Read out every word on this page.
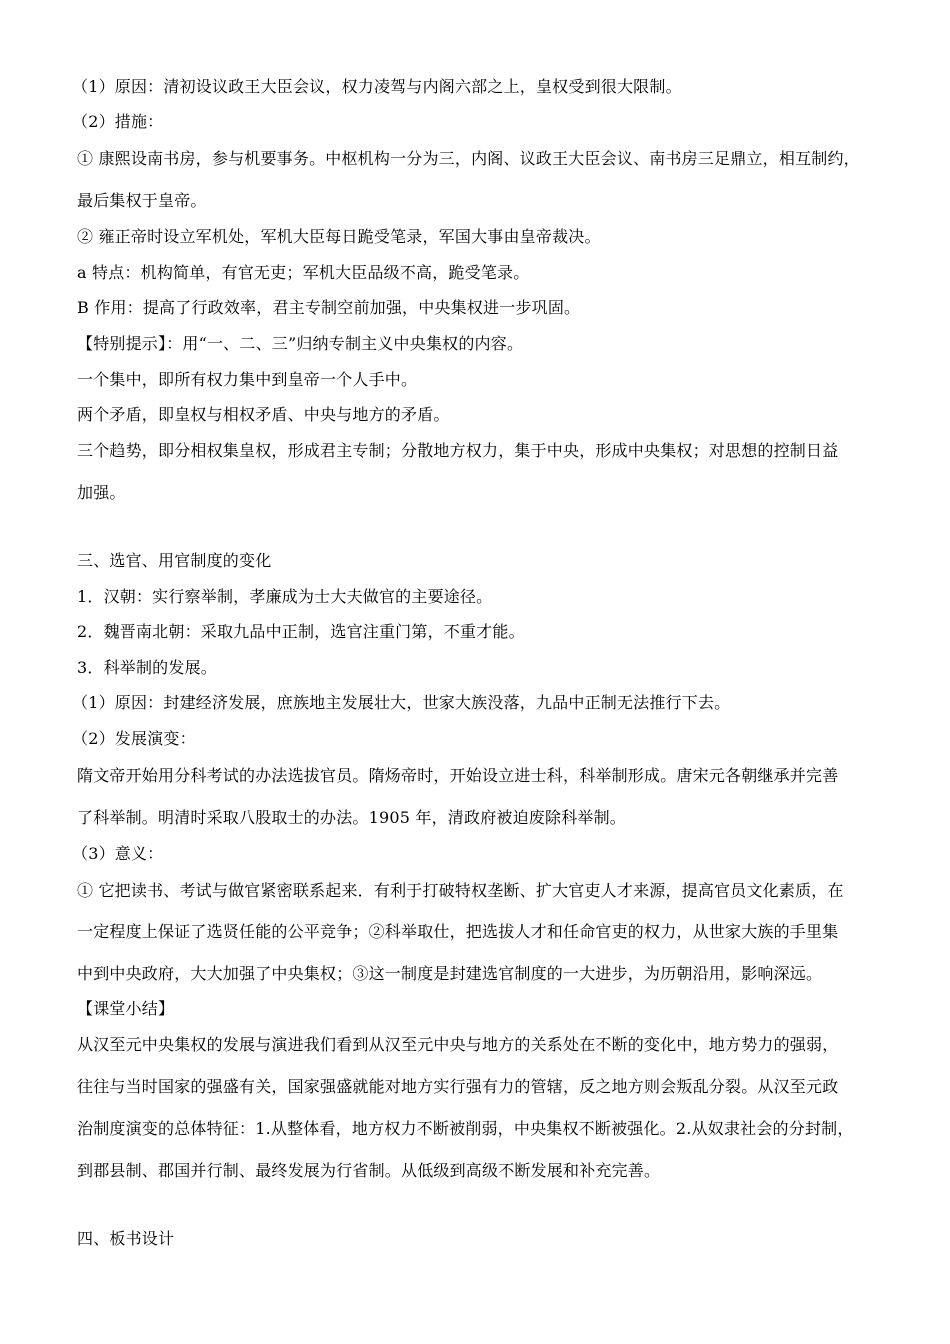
（1）原因：清初设议政王大臣会议，权力凌驾与内阁六部之上，皇权受到很大限制。
（2）措施：
① 康熙设南书房，参与机要事务。中枢机构一分为三，内阁、议政王大臣会议、南书房三足鼎立，相互制约，
最后集权于皇帝。
② 雍正帝时设立军机处，军机大臣每日跪受笔录，军国大事由皇帝裁决。
a 特点：机构简单，有官无吏；军机大臣品级不高，跪受笔录。
B 作用：提高了行政效率，君主专制空前加强，中央集权进一步巩固。
【特别提示】：用“一、二、三”归纳专制主义中央集权的内容。
一个集中，即所有权力集中到皇帝一个人手中。
两个矛盾，即皇权与相权矛盾、中央与地方的矛盾。
三个趋势，即分相权集皇权，形成君主专制；分散地方权力，集于中央，形成中央集权；对思想的控制日益
加强。
三、选官、用官制度的变化
1．汉朝：实行察举制，孝廉成为士大夫做官的主要途径。
2．魏晋南北朝：采取九品中正制，选官注重门第，不重才能。
3．科举制的发展。
（1）原因：封建经济发展，庶族地主发展壮大，世家大族没落，九品中正制无法推行下去。
（2）发展演变：
隋文帝开始用分科考试的办法选拔官员。隋炀帝时，开始设立进士科，科举制形成。唐宋元各朝继承并完善
了科举制。明清时采取八股取士的办法。1905 年，清政府被迫废除科举制。
（3）意义：
① 它把读书、考试与做官紧密联系起来．有利于打破特权垄断、扩大官吏人才来源，提高官员文化素质，在
一定程度上保证了选贤任能的公平竞争；②科举取仕，把选拔人才和任命官吏的权力，从世家大族的手里集
中到中央政府，大大加强了中央集权；③这一制度是封建选官制度的一大进步，为历朝沿用，影响深远。
【课堂小结】
从汉至元中央集权的发展与演进我们看到从汉至元中央与地方的关系处在不断的变化中，地方势力的强弱，
往往与当时国家的强盛有关，国家强盛就能对地方实行强有力的管辖，反之地方则会叛乱分裂。从汉至元政
治制度演变的总体特征：1.从整体看，地方权力不断被削弱，中央集权不断被强化。2.从奴隶社会的分封制，
到郡县制、郡国并行制、最终发展为行省制。从低级到高级不断发展和补充完善。
四、板书设计
